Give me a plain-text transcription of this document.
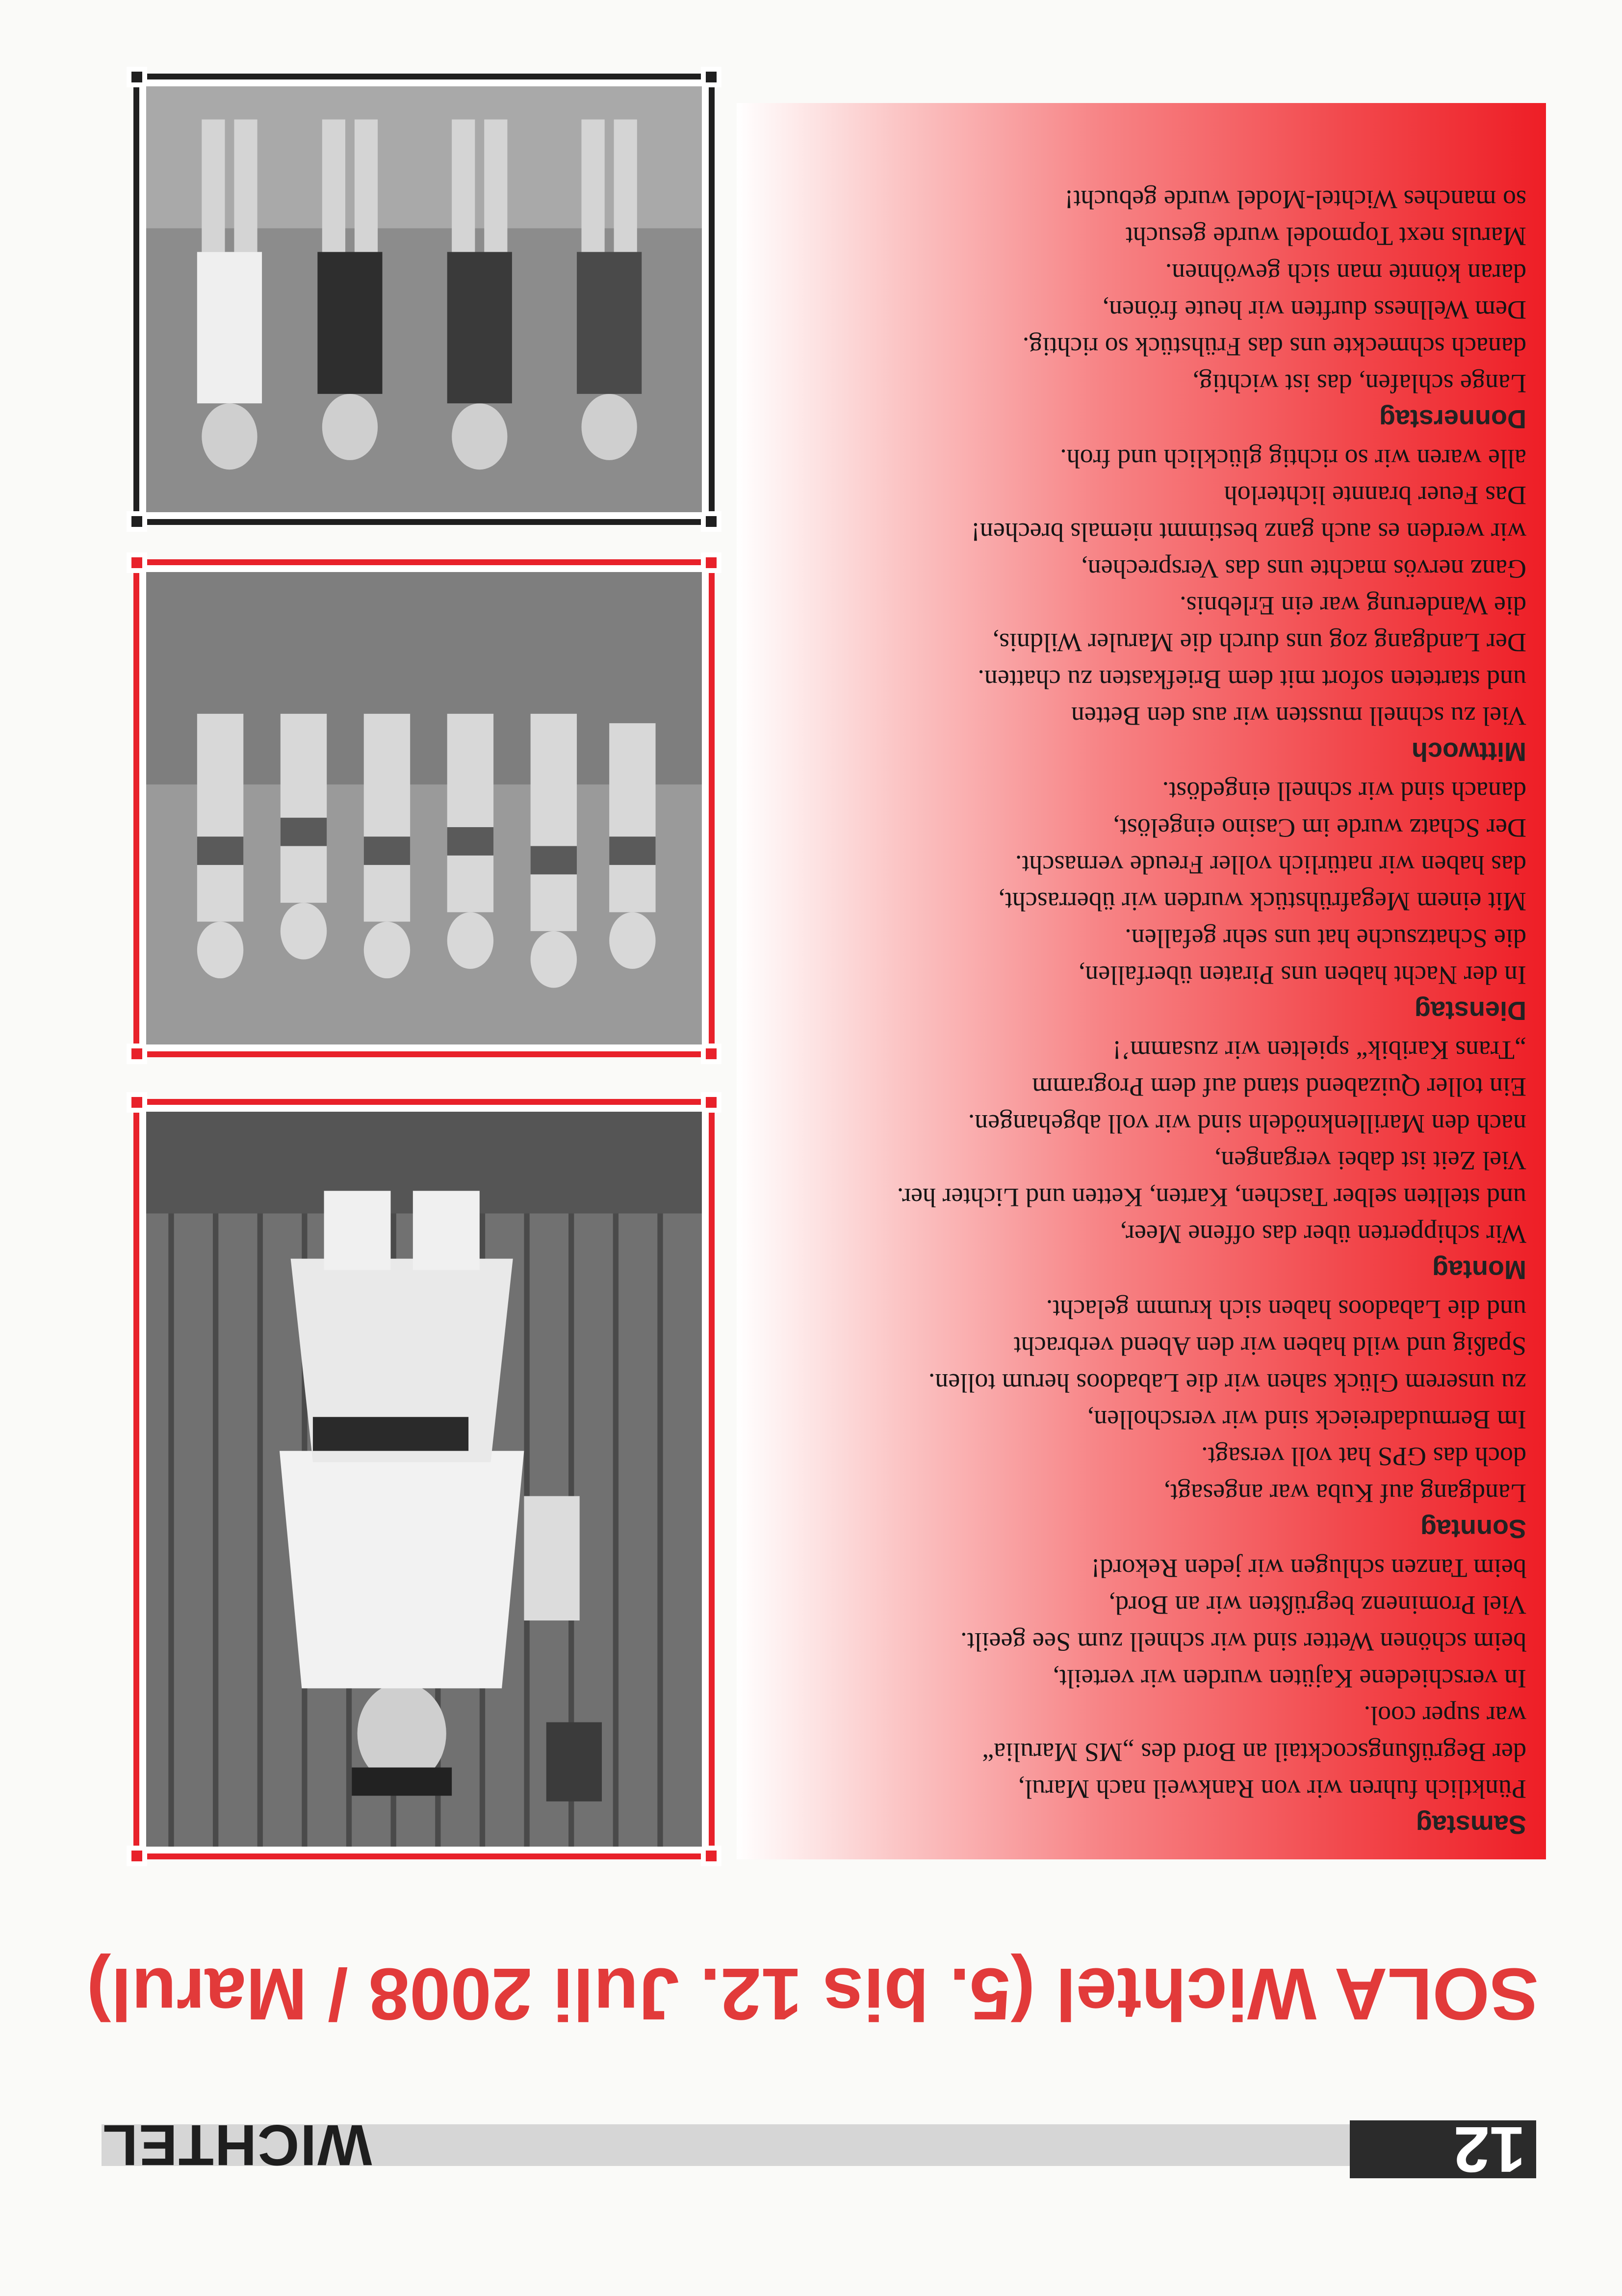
12
WICHTEL
SOLA Wichtel (5. bis 12. Juli 2008 / Marul)
Samstag
Pünktlich fuhren wir von Rankweil nach Marul,
der Begrüßungscocktail an Bord des „MS Marulia“
war super cool.
In verschiedene Kajüten wurden wir verteilt,
beim schönen Wetter sind wir schnell zum See geeilt.
Viel Prominenz begrüßten wir an Bord,
beim Tanzen schlugen wir jeden Rekord!
Sonntag
Landgang auf Kuba war angesagt,
doch das GPS hat voll versagt.
Im Bermudadreieck sind wir verschollen,
zu unserem Glück sahen wir die Labadoos herum tollen.
Spaßig und wild haben wir den Abend verbracht
und die Labadoos haben sich krumm gelacht.
Montag
Wir schipperten über das offene Meer,
und stellten selber Taschen, Karten, Ketten und Lichter her.
Viel Zeit ist dabei vergangen,
nach den Marillenknödeln sind wir voll abgehangen.
Ein toller Quizabend stand auf dem Programm
„Trans Karibik“ spielten wir zusamm’!
Dienstag
In der Nacht haben uns Piraten überfallen,
die Schatzsuche hat uns sehr gefallen.
Mit einem Megafrühstück wurden wir überrascht,
das haben wir natürlich voller Freude vernascht.
Der Schatz wurde im Casino eingelöst,
danach sind wir schnell eingedöst.
Mittwoch
Viel zu schnell mussten wir aus den Betten
und starteten sofort mit dem Briefkasten zu chatten.
Der Landgang zog uns durch die Maruler Wildnis,
die Wanderung war ein Erlebnis.
Ganz nervös machte uns das Versprechen,
wir werden es auch ganz bestimmt niemals brechen!
Das Feuer brannte lichterloh
alle waren wir so richtig glücklich und froh.
Donnerstag
Lange schlafen, das ist wichtig,
danach schmeckte uns das Frühstück so richtig.
Dem Wellness durften wir heute frönen,
daran könnte man sich gewöhnen.
Maruls next Topmodel wurde gesucht
so manches Wichtel-Model wurde gebucht!
